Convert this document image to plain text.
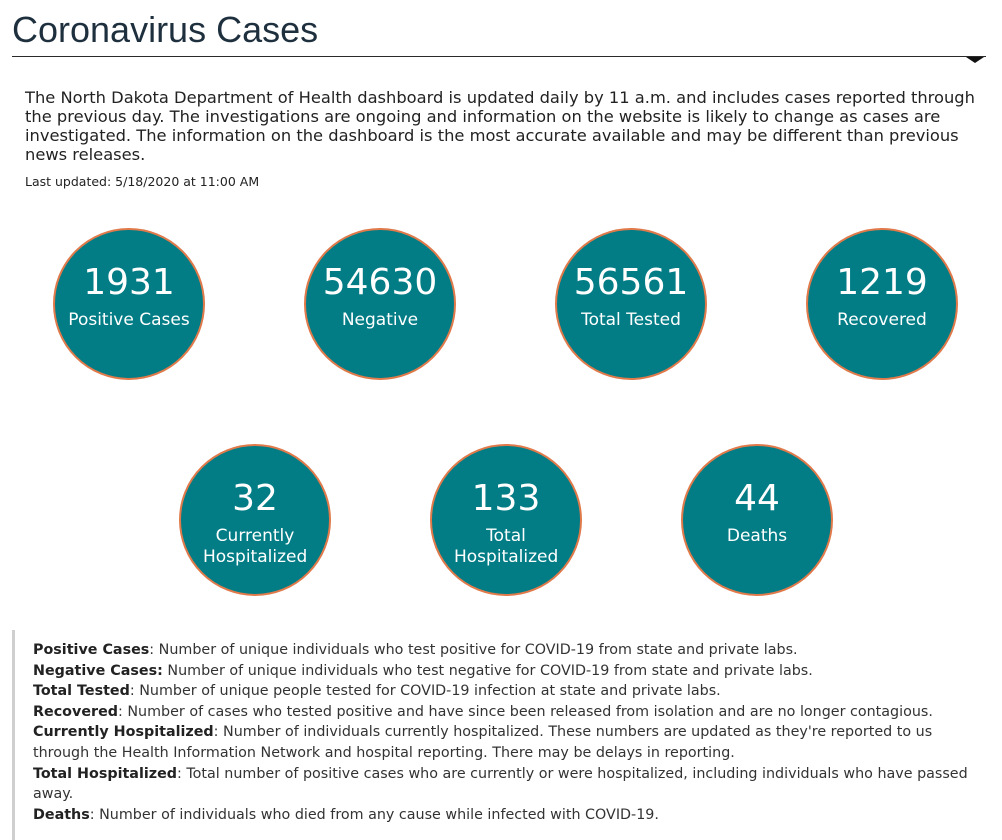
Coronavirus Cases

The North Dakota Department of Health dashboard is updated daily by 11 a.m. and includes cases reported through the previous day. The investigations are ongoing and information on the website is likely to change as cases are investigated. The information on the dashboard is the most accurate available and may be different than previous news releases.

Last updated: 5/18/2020 at 11:00 AM

1931
Positive Cases
54630
Negative
56561
Total Tested
1219
Recovered
32
Currently Hospitalized
133
Total Hospitalized
44
Deaths

Positive Cases: Number of unique individuals who test positive for COVID-19 from state and private labs.

Negative Cases: Number of unique individuals who test negative for COVID-19 from state and private labs.

Total Tested: Number of unique people tested for COVID-19 infection at state and private labs.

Recovered: Number of cases who tested positive and have since been released from isolation and are no longer contagious.

Currently Hospitalized: Number of individuals currently hospitalized. These numbers are updated as they're reported to us through the Health Information Network and hospital reporting. There may be delays in reporting.

Total Hospitalized: Total number of positive cases who are currently or were hospitalized, including individuals who have passed away.

Deaths: Number of individuals who died from any cause while infected with COVID-19.
